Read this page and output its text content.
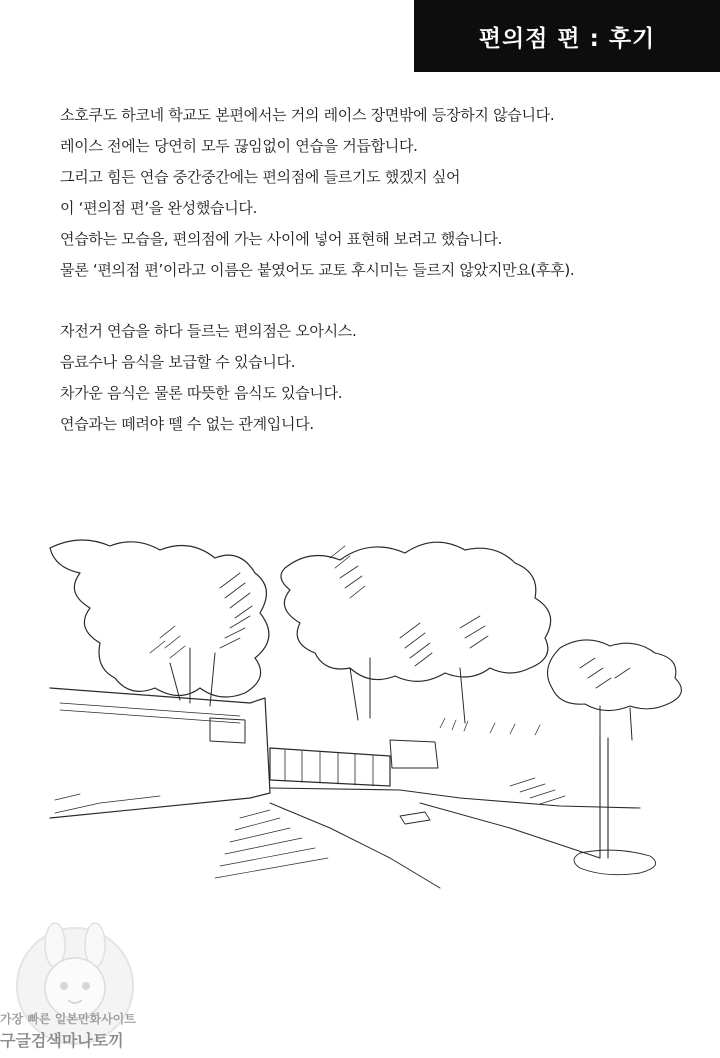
편의점 편 : 후기

소호쿠도 하코네 학교도 본편에서는 거의 레이스 장면밖에 등장하지 않습니다.
레이스 전에는 당연히 모두 끊임없이 연습을 거듭합니다.
그리고 힘든 연습 중간중간에는 편의점에 들르기도 했겠지 싶어
이 ‘편의점 편’을 완성했습니다.
연습하는 모습을, 편의점에 가는 사이에 넣어 표현해 보려고 했습니다.
물론 ‘편의점 편’이라고 이름은 붙였어도 교토 후시미는 들르지 않았지만요(후후).

자전거 연습을 하다 들르는 편의점은 오아시스.
음료수나 음식을 보급할 수 있습니다.
차가운 음식은 물론 따뜻한 음식도 있습니다.
연습과는 떼려야 뗄 수 없는 관계입니다.

가장 빠른 일본만화사이트
구글검색마나토끼
